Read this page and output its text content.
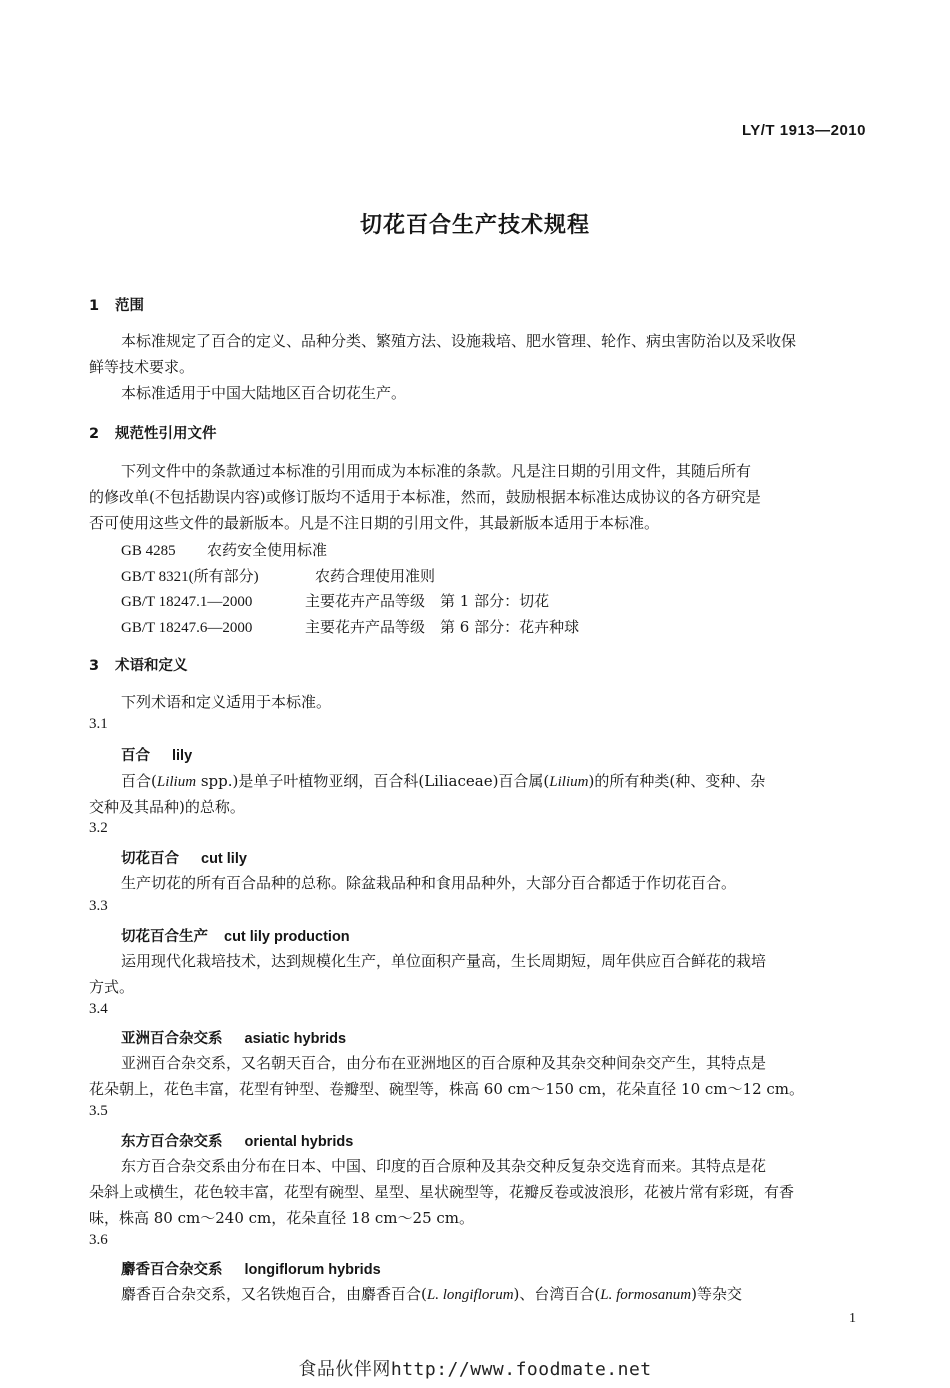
LY/T 1913—2010
切花百合生产技术规程
1 范围
本标准规定了百合的定义、品种分类、繁殖方法、设施栽培、肥水管理、轮作、病虫害防治以及采收保
鲜等技术要求。
本标准适用于中国大陆地区百合切花生产。
2 规范性引用文件
下列文件中的条款通过本标准的引用而成为本标准的条款。凡是注日期的引用文件，其随后所有
的修改单(不包括勘误内容)或修订版均不适用于本标准，然而，鼓励根据本标准达成协议的各方研究是
否可使用这些文件的最新版本。凡是不注日期的引用文件，其最新版本适用于本标准。
GB 4285 农药安全使用标准
GB/T 8321(所有部分)	农药合理使用准则
GB/T 18247.1—2000	主要花卉产品等级　第 1 部分：切花
GB/T 18247.6—2000	主要花卉产品等级　第 6 部分：花卉种球
3 术语和定义
下列术语和定义适用于本标准。
3.1
百合 lily
百合(Lilium spp.)是单子叶植物亚纲，百合科(Liliaceae)百合属(Lilium)的所有种类(种、变种、杂
交种及其品种)的总称。
3.2
切花百合 cut lily
生产切花的所有百合品种的总称。除盆栽品种和食用品种外，大部分百合都适于作切花百合。
3.3
切花百合生产 cut lily production
运用现代化栽培技术，达到规模化生产，单位面积产量高，生长周期短，周年供应百合鲜花的栽培
方式。
3.4
亚洲百合杂交系 asiatic hybrids
亚洲百合杂交系，又名朝天百合，由分布在亚洲地区的百合原种及其杂交种间杂交产生，其特点是
花朵朝上，花色丰富，花型有钟型、卷瓣型、碗型等，株高 60 cm～150 cm，花朵直径 10 cm～12 cm。
3.5
东方百合杂交系 oriental hybrids
东方百合杂交系由分布在日本、中国、印度的百合原种及其杂交种反复杂交选育而来。其特点是花
朵斜上或横生，花色较丰富，花型有碗型、星型、星状碗型等，花瓣反卷或波浪形，花被片常有彩斑，有香
味，株高 80 cm～240 cm，花朵直径 18 cm～25 cm。
3.6
麝香百合杂交系 longiflorum hybrids
麝香百合杂交系，又名铁炮百合，由麝香百合(L. longiflorum)、台湾百合(L. formosanum)等杂交
1
食品伙伴网http://www.foodmate.net
